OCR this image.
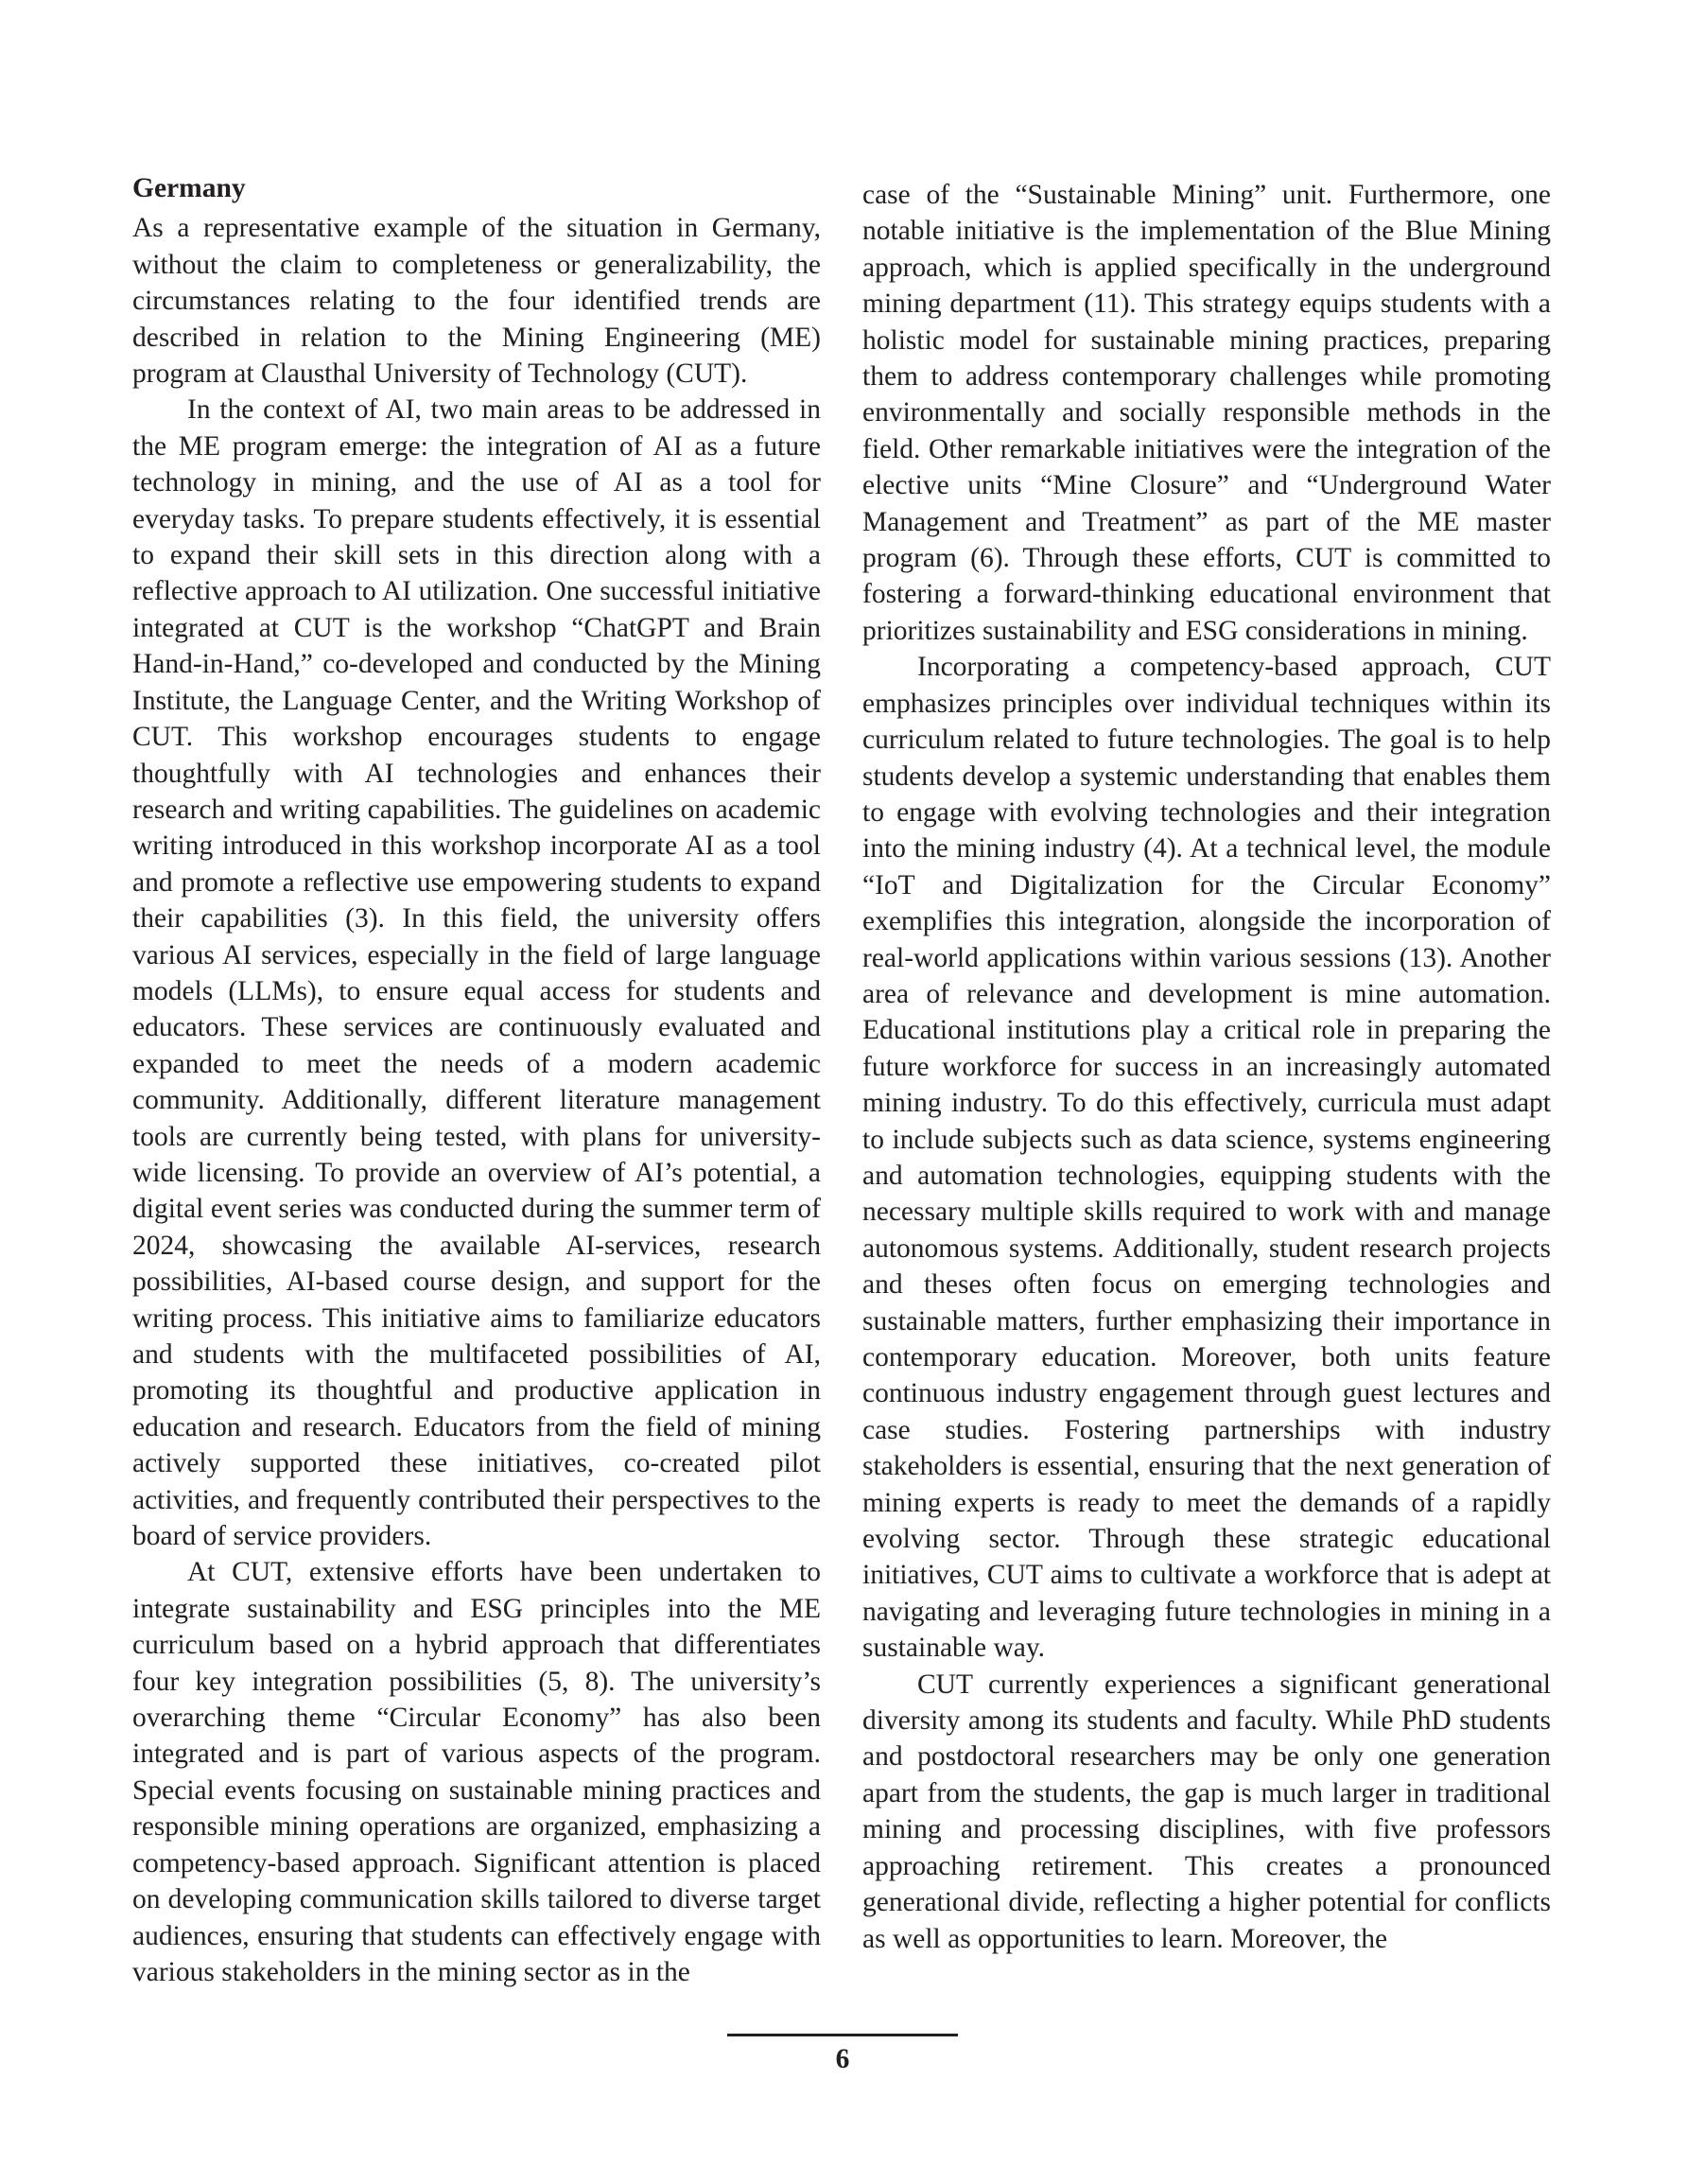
Germany

As a representative example of the situation in Germany, without the claim to completeness or generalizability, the circumstances relating to the four identified trends are described in relation to the Mining Engineering (ME) program at Clausthal University of Technology (CUT).

In the context of AI, two main areas to be addressed in the ME program emerge: the integration of AI as a future technology in mining, and the use of AI as a tool for everyday tasks. To prepare students effectively, it is essential to expand their skill sets in this direction along with a reflective approach to AI utilization. One successful initiative integrated at CUT is the workshop “ChatGPT and Brain Hand-in-Hand,” co-developed and conducted by the Mining Institute, the Language Center, and the Writing Workshop of CUT. This workshop encourages students to engage thoughtfully with AI technologies and enhances their research and writing capabilities. The guidelines on academic writing introduced in this workshop incorporate AI as a tool and promote a reflective use empowering students to expand their capabilities (3). In this field, the university offers various AI services, especially in the field of large language models (LLMs), to ensure equal access for students and educators. These services are continuously evaluated and expanded to meet the needs of a modern academic community. Additionally, different literature management tools are currently being tested, with plans for university-wide licensing. To provide an overview of AI’s potential, a digital event series was conducted during the summer term of 2024, showcasing the available AI-services, research possibilities, AI-based course design, and support for the writing process. This initiative aims to familiarize educators and students with the multifaceted possibilities of AI, promoting its thoughtful and productive application in education and research. Educators from the field of mining actively supported these initiatives, co-created pilot activities, and frequently contributed their perspectives to the board of service providers.

At CUT, extensive efforts have been undertaken to integrate sustainability and ESG principles into the ME curriculum based on a hybrid approach that differentiates four key integration possibilities (5, 8). The university’s overarching theme “Circular Economy” has also been integrated and is part of various aspects of the program. Special events focusing on sustainable mining practices and responsible mining operations are organized, emphasizing a competency-based approach. Significant attention is placed on developing communication skills tailored to diverse target audiences, ensuring that students can effectively engage with various stakeholders in the mining sector as in the

case of the “Sustainable Mining” unit. Furthermore, one notable initiative is the implementation of the Blue Mining approach, which is applied specifically in the underground mining department (11). This strategy equips students with a holistic model for sustainable mining practices, preparing them to address contemporary challenges while promoting environmentally and socially responsible methods in the field. Other remarkable initiatives were the integration of the elective units “Mine Closure” and “Underground Water Management and Treatment” as part of the ME master program (6). Through these efforts, CUT is committed to fostering a forward-thinking educational environment that prioritizes sustainability and ESG considerations in mining.

Incorporating a competency-based approach, CUT emphasizes principles over individual techniques within its curriculum related to future technologies. The goal is to help students develop a systemic understanding that enables them to engage with evolving technologies and their integration into the mining industry (4). At a technical level, the module “IoT and Digitalization for the Circular Economy” exemplifies this integration, alongside the incorporation of real-world applications within various sessions (13). Another area of relevance and development is mine automation. Educational institutions play a critical role in preparing the future workforce for success in an increasingly automated mining industry. To do this effectively, curricula must adapt to include subjects such as data science, systems engineering and automation technologies, equipping students with the necessary multiple skills required to work with and manage autonomous systems. Additionally, student research projects and theses often focus on emerging technologies and sustainable matters, further emphasizing their importance in contemporary education. Moreover, both units feature continuous industry engagement through guest lectures and case studies. Fostering partnerships with industry stakeholders is essential, ensuring that the next generation of mining experts is ready to meet the demands of a rapidly evolving sector. Through these strategic educational initiatives, CUT aims to cultivate a workforce that is adept at navigating and leveraging future technologies in mining in a sustainable way.

CUT currently experiences a significant generational diversity among its students and faculty. While PhD students and postdoctoral researchers may be only one generation apart from the students, the gap is much larger in traditional mining and processing disciplines, with five professors approaching retirement. This creates a pronounced generational divide, reflecting a higher potential for conflicts as well as opportunities to learn. Moreover, the

6
